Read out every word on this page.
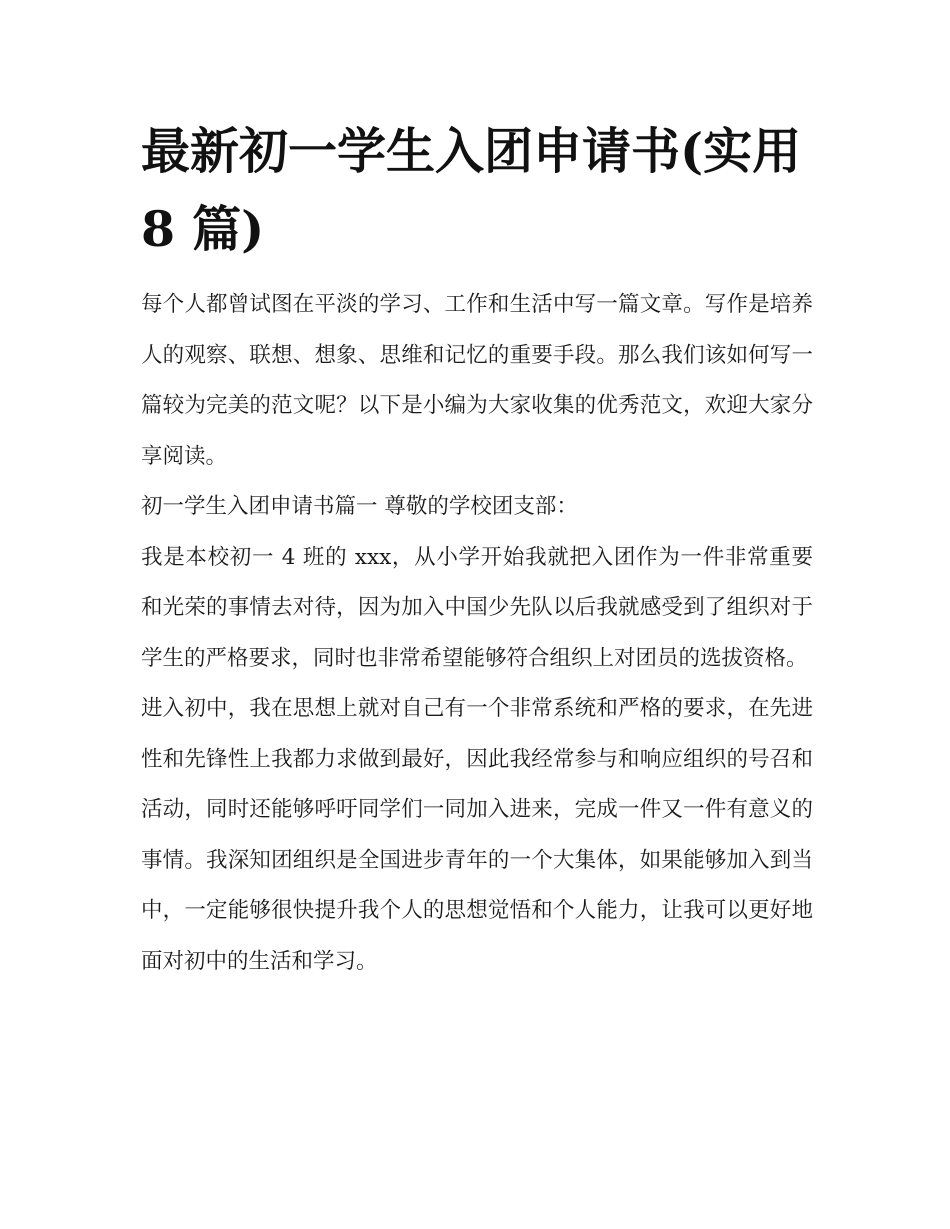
最新初一学生入团申请书(实用 8 篇)

每个人都曾试图在平淡的学习、工作和生活中写一篇文章。写作是培养人的观察、联想、想象、思维和记忆的重要手段。那么我们该如何写一篇较为完美的范文呢？以下是小编为大家收集的优秀范文，欢迎大家分享阅读。

初一学生入团申请书篇一 尊敬的学校团支部：

我是本校初一 4 班的 xxx，从小学开始我就把入团作为一件非常重要和光荣的事情去对待，因为加入中国少先队以后我就感受到了组织对于学生的严格要求，同时也非常希望能够符合组织上对团员的选拔资格。

进入初中，我在思想上就对自己有一个非常系统和严格的要求，在先进性和先锋性上我都力求做到最好，因此我经常参与和响应组织的号召和活动，同时还能够呼吁同学们一同加入进来，完成一件又一件有意义的事情。我深知团组织是全国进步青年的一个大集体，如果能够加入到当中，一定能够很快提升我个人的思想觉悟和个人能力，让我可以更好地面对初中的生活和学习。
